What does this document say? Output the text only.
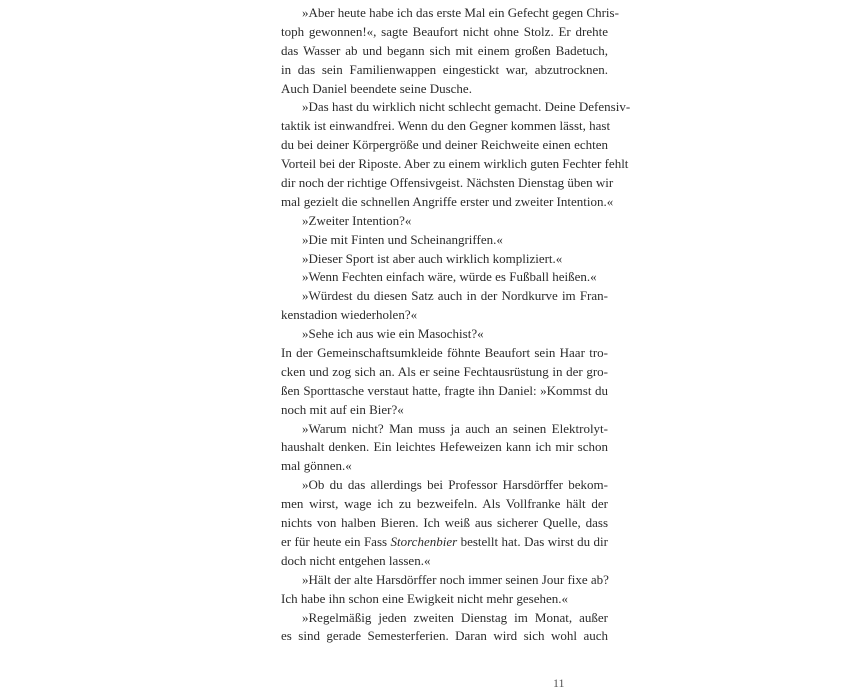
»Aber heute habe ich das erste Mal ein Gefecht gegen Chris-
toph gewonnen!«, sagte Beaufort nicht ohne Stolz. Er drehte
das Wasser ab und begann sich mit einem großen Badetuch,
in das sein Familienwappen eingestickt war, abzutrocknen.
Auch Daniel beendete seine Dusche.
»Das hast du wirklich nicht schlecht gemacht. Deine Defensiv-
taktik ist einwandfrei. Wenn du den Gegner kommen lässt, hast
du bei deiner Körpergröße und deiner Reichweite einen echten
Vorteil bei der Riposte. Aber zu einem wirklich guten Fechter fehlt
dir noch der richtige Offensivgeist. Nächsten Dienstag üben wir
mal gezielt die schnellen Angriffe erster und zweiter Intention.«
»Zweiter Intention?«
»Die mit Finten und Scheinangriffen.«
»Dieser Sport ist aber auch wirklich kompliziert.«
»Wenn Fechten einfach wäre, würde es Fußball heißen.«
»Würdest du diesen Satz auch in der Nordkurve im Fran-
kenstadion wiederholen?«
»Sehe ich aus wie ein Masochist?«
In der Gemeinschaftsumkleide föhnte Beaufort sein Haar tro-
cken und zog sich an. Als er seine Fechtausrüstung in der gro-
ßen Sporttasche verstaut hatte, fragte ihn Daniel: »Kommst du
noch mit auf ein Bier?«
»Warum nicht? Man muss ja auch an seinen Elektrolyt-
haushalt denken. Ein leichtes Hefeweizen kann ich mir schon
mal gönnen.«
»Ob du das allerdings bei Professor Harsdörffer bekom-
men wirst, wage ich zu bezweifeln. Als Vollfranke hält der
nichts von halben Bieren. Ich weiß aus sicherer Quelle, dass
er für heute ein Fass Storchenbier bestellt hat. Das wirst du dir
doch nicht entgehen lassen.«
»Hält der alte Harsdörffer noch immer seinen Jour fixe ab?
Ich habe ihn schon eine Ewigkeit nicht mehr gesehen.«
»Regelmäßig jeden zweiten Dienstag im Monat, außer
es sind gerade Semesterferien. Daran wird sich wohl auch
11
